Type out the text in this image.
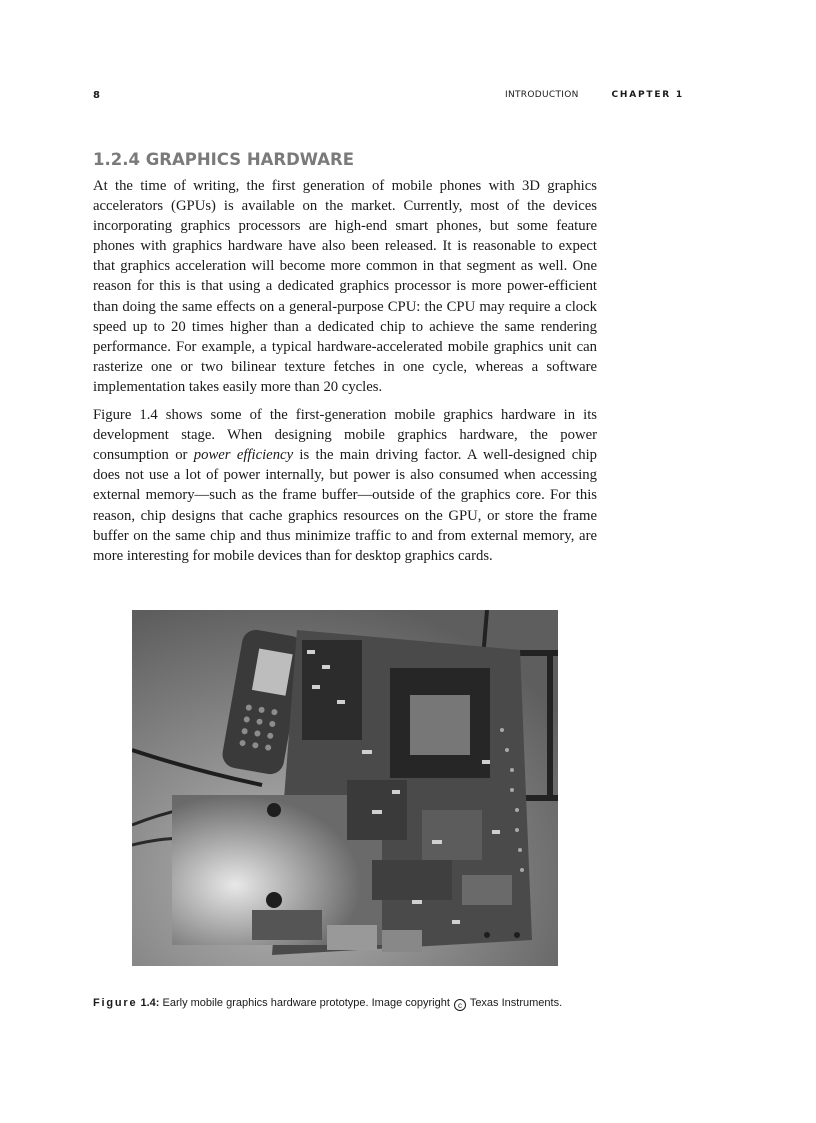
8	INTRODUCTION	CHAPTER 1
1.2.4 GRAPHICS HARDWARE

At the time of writing, the first generation of mobile phones with 3D graphics accelerators (GPUs) is available on the market. Currently, most of the devices incorporating graphics processors are high-end smart phones, but some feature phones with graphics hardware have also been released. It is reasonable to expect that graphics acceleration will become more common in that segment as well. One reason for this is that using a dedicated graphics processor is more power-efficient than doing the same effects on a general-purpose CPU: the CPU may require a clock speed up to 20 times higher than a dedicated chip to achieve the same rendering performance. For example, a typical hardware-accelerated mobile graphics unit can rasterize one or two bilinear texture fetches in one cycle, whereas a software implementation takes easily more than 20 cycles.

Figure 1.4 shows some of the first-generation mobile graphics hardware in its development stage. When designing mobile graphics hardware, the power consumption or power efficiency is the main driving factor. A well-designed chip does not use a lot of power internally, but power is also consumed when accessing external memory—such as the frame buffer—outside of the graphics core. For this reason, chip designs that cache graphics resources on the GPU, or store the frame buffer on the same chip and thus minimize traffic to and from external memory, are more interesting for mobile devices than for desktop graphics cards.

Figure 1.4: Early mobile graphics hardware prototype. Image copyright c Texas Instruments.
